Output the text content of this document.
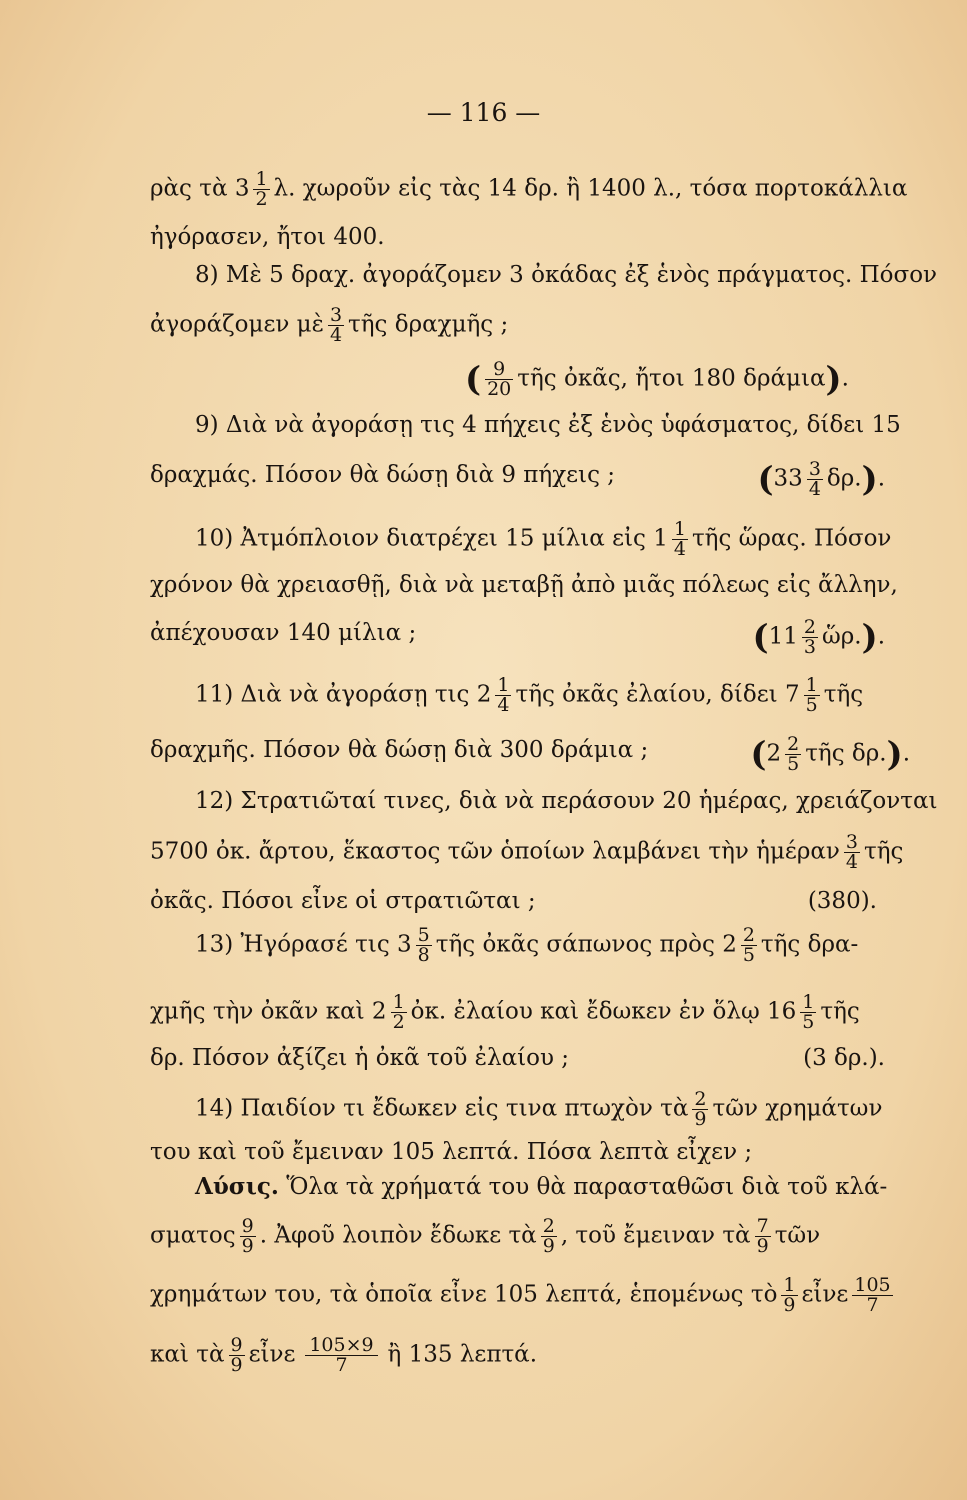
— 116 —
ρὰς τὰ $3 \frac{1}{2} \lambda$. χωροῦν εἰς τὰς 14 δρ. ἢ 1400 λ., τόσα πορτοκάλλια
ἠγόρασεν, ἤτοι 400.
8) Μὲ 5 δραχ. ἀγοράζομεν 3 ὀκάδας ἐξ ἑνὸς πράγματος. Πόσον
ἀγοράζομεν μὲ $\frac{3}{4}$ τῆς δραχμῆς ;
( $\frac{9}{20}$ τῆς ὀκᾶς, ἤτοι 180 δράμια).
9) Διὰ νὰ ἀγοράσῃ τις 4 πήχεις ἐξ ἑνὸς ὑφάσματος, δίδει 15
δραχμάς. Πόσον θὰ δώσῃ διὰ 9 πήχεις ;	$(33 \frac{3}{4} \delta\rho.)$.
10) Ἀτμόπλοιον διατρέχει 15 μίλια εἰς $1 \frac{1}{4}$ τῆς ὥρας. Πόσον
χρόνον θὰ χρειασθῇ, διὰ νὰ μεταβῇ ἀπὸ μιᾶς πόλεως εἰς ἄλλην,
ἀπέχουσαν 140 μίλια ;	($11 \frac{2}{3}$ ὥρ.).
11) Διὰ νὰ ἀγοράσῃ τις $2 \frac{1}{4}$ τῆς ὀκᾶς ἐλαίου, δίδει $7 \frac{1}{5}$ τῆς
δραχμῆς. Πόσον θὰ δώσῃ διὰ 300 δράμια ;	($2 \frac{2}{5}$ τῆς δρ.).
12) Στρατιῶταί τινες, διὰ νὰ περάσουν 20 ἡμέρας, χρειάζονται
5700 ὀκ. ἄρτου, ἕκαστος τῶν ὁποίων λαμβάνει τὴν ἡμέραν $\frac{3}{4}$ τῆς
ὀκᾶς. Πόσοι εἶνε οἱ στρατιῶται ;	(380).
13) Ἠγόρασέ τις $3 \frac{5}{8}$ τῆς ὀκᾶς σάπωνος πρὸς $2 \frac{2}{5}$ τῆς δρα-
χμῆς τὴν ὀκᾶν καὶ $2 \frac{1}{2}$ ὀκ. ἐλαίου καὶ ἔδωκεν ἐν ὅλῳ $16 \frac{1}{5}$ τῆς
δρ. Πόσον ἀξίζει ἡ ὀκᾶ τοῦ ἐλαίου ;	(3 δρ.).
14) Παιδίον τι ἔδωκεν εἰς τινα πτωχὸν τὰ $\frac{2}{9}$ τῶν χρημάτων
του καὶ τοῦ ἔμειναν 105 λεπτά. Πόσα λεπτὰ εἶχεν ;
Λύσις. Ὅλα τὰ χρήματά του θὰ παρασταθῶσι διὰ τοῦ κλά-
σματος $\frac{9}{9}$ . Ἀφοῦ λοιπὸν ἔδωκε τὰ $\frac{2}{9}$ , τοῦ ἔμειναν τὰ $\frac{7}{9}$ τῶν
χρημάτων του, τὰ ὁποῖα εἶνε 105 λεπτά, ἑπομένως τὸ $\frac{1}{9}$ εἶνε $\frac{105}{7}$
καὶ τὰ $\frac{9}{9}$ εἶνε $\frac{105\times 9}{7}$ ἢ 135 λεπτά.
